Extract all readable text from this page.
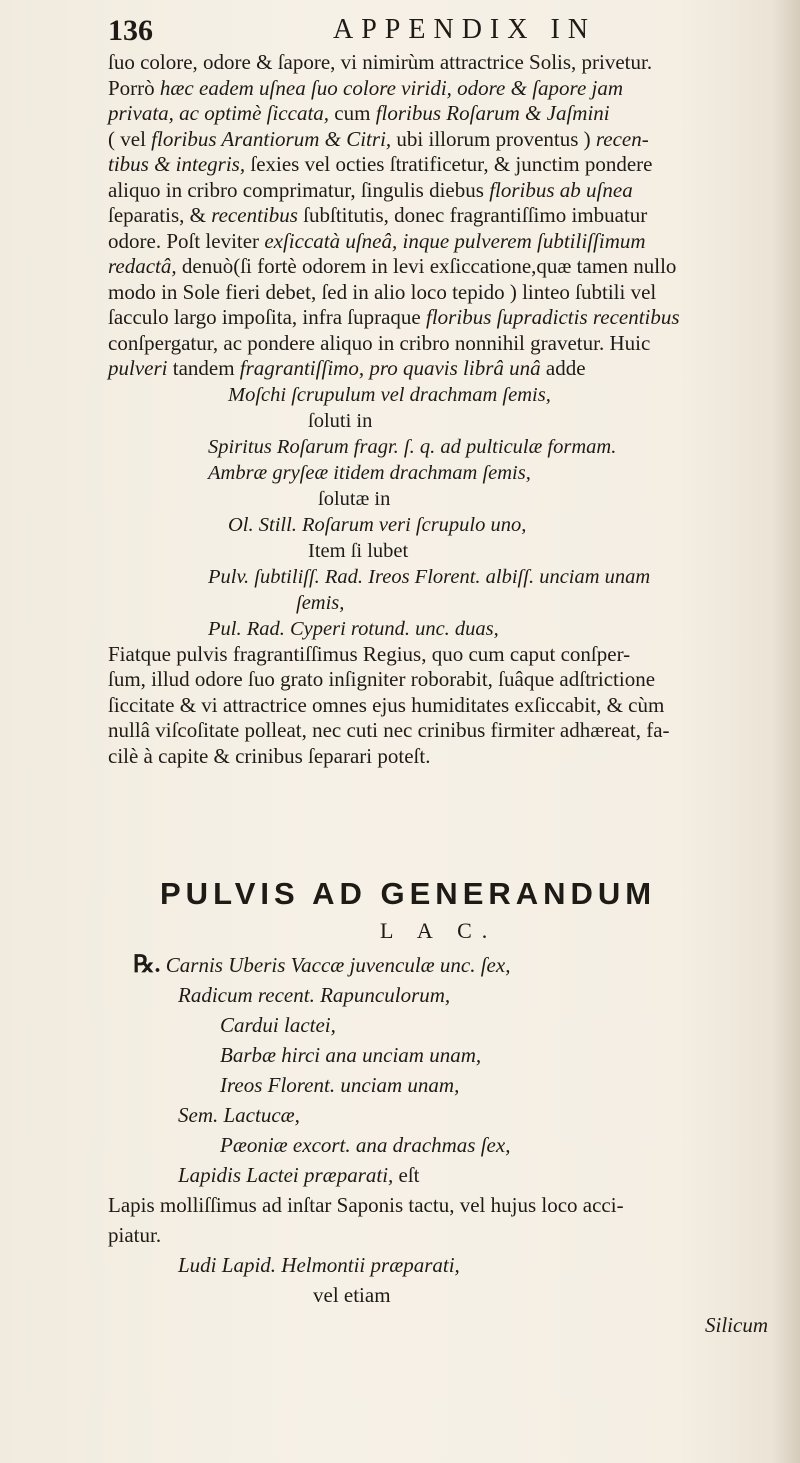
136	APPENDIX IN

ſuo colore, odore & ſapore, vi nimirùm attractrice Solis, privetur.

Porrò hæc eadem uſnea ſuo colore viridi, odore & ſapore jam

privata, ac optimè ſiccata, cum floribus Roſarum & Jaſmini

( vel floribus Arantiorum & Citri, ubi illorum proventus ) recen-

tibus & integris, ſexies vel octies ſtratificetur, & junctim pondere

aliquo in cribro comprimatur, ſingulis diebus floribus ab uſnea

ſeparatis, & recentibus ſubſtitutis, donec fragrantiſſimo imbuatur

odore. Poſt leviter exſiccatà uſneâ, inque pulverem ſubtiliſſimum

redactâ, denuò(ſi fortè odorem in levi exſiccatione,quæ tamen nullo

modo in Sole fieri debet, ſed in alio loco tepido ) linteo ſubtili vel

ſacculo largo impoſita, infra ſupraque floribus ſupradictis recentibus

conſpergatur, ac pondere aliquo in cribro nonnihil gravetur. Huic

pulveri tandem fragrantiſſimo, pro quavis librâ unâ adde

Moſchi ſcrupulum vel drachmam ſemis,

ſoluti in

Spiritus Roſarum fragr. ſ. q. ad pulticulæ formam.

Ambræ gryſeæ itidem drachmam ſemis,

ſolutæ in

Ol. Still. Roſarum veri ſcrupulo uno,

Item ſi lubet

Pulv. ſubtiliſſ. Rad. Ireos Florent. albiſſ. unciam unam

ſemis,

Pul. Rad. Cyperi rotund. unc. duas,

Fiatque pulvis fragrantiſſimus Regius, quo cum caput conſper-

ſum, illud odore ſuo grato inſigniter roborabit, ſuâque adſtrictione

ſiccitate & vi attractrice omnes ejus humiditates exſiccabit, & cùm

nullâ viſcoſitate polleat, nec cuti nec crinibus firmiter adhæreat, fa-

cilè à capite & crinibus ſeparari poteſt.

PULVIS AD GENERANDUM
L A C.

℞. Carnis Uberis Vaccæ juvenculæ unc. ſex,

Radicum recent. Rapunculorum,

Cardui lactei,

Barbæ hirci ana unciam unam,

Ireos Florent. unciam unam,

Sem. Lactucæ,

Pæoniæ excort. ana drachmas ſex,

Lapidis Lactei præparati, eſt

Lapis molliſſimus ad inſtar Saponis tactu, vel hujus loco acci-

piatur.

Ludi Lapid. Helmontii præparati,

vel etiam

Silicum
